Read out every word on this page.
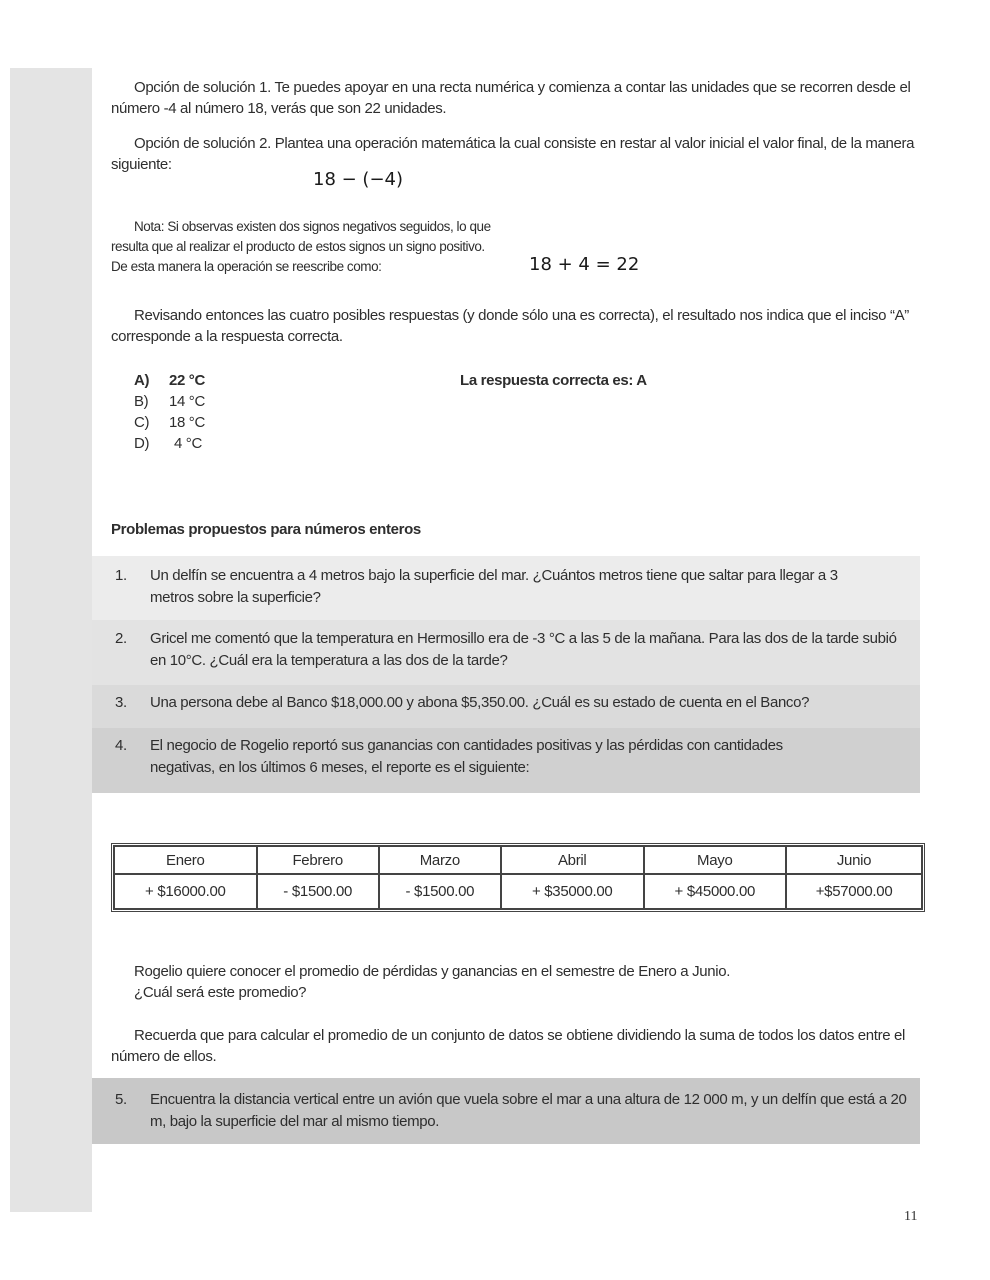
Opción de solución 1. Te puedes apoyar en una recta numérica y comienza a contar las unidades que se recorren desde el número -4 al número 18, verás que son 22 unidades.

Opción de solución 2. Plantea una operación matemática la cual consiste en restar al valor inicial el valor final, de la manera siguiente:

18 − (−4)
Nota: Si observas existen dos signos negativos seguidos, lo que
resulta que al realizar el producto de estos signos un signo positivo.
De esta manera la operación se reescribe como:	18 + 4 = 22

Revisando entonces las cuatro posibles respuestas (y donde sólo una es correcta), el resultado nos indica que el inciso “A” corresponde a la respuesta correcta.

A)	22 °C
B)	14 °C
C)	18 °C
D)	4 °C
La respuesta correcta es: A
Problemas propuestos para números enteros
1.	Un delfín se encuentra a 4 metros bajo la superficie del mar. ¿Cuántos metros tiene que saltar para llegar a 3 metros sobre la superficie?
2.	Gricel me comentó que la temperatura en Hermosillo era de -3 °C a las 5 de la mañana. Para las dos de la tarde subió en 10°C. ¿Cuál era la temperatura a las dos de la tarde?
3.	Una persona debe al Banco $18,000.00 y abona $5,350.00. ¿Cuál es su estado de cuenta en el Banco?
4.	El negocio de Rogelio reportó sus ganancias con cantidades positivas y las pérdidas con cantidades negativas, en los últimos 6 meses, el reporte es el siguiente:
Enero	Febrero	Marzo	Abril	Mayo	Junio
+ $16000.00	- $1500.00	- $1500.00	+ $35000.00	+ $45000.00	+$57000.00
Rogelio quiere conocer el promedio de pérdidas y ganancias en el semestre de Enero a Junio.
¿Cuál será este promedio?

Recuerda que para calcular el promedio de un conjunto de datos se obtiene dividiendo la suma de todos los datos entre el número de ellos.

5.	Encuentra la distancia vertical entre un avión que vuela sobre el mar a una altura de 12 000 m, y un delfín que está a 20 m, bajo la superficie del mar al mismo tiempo.
11
